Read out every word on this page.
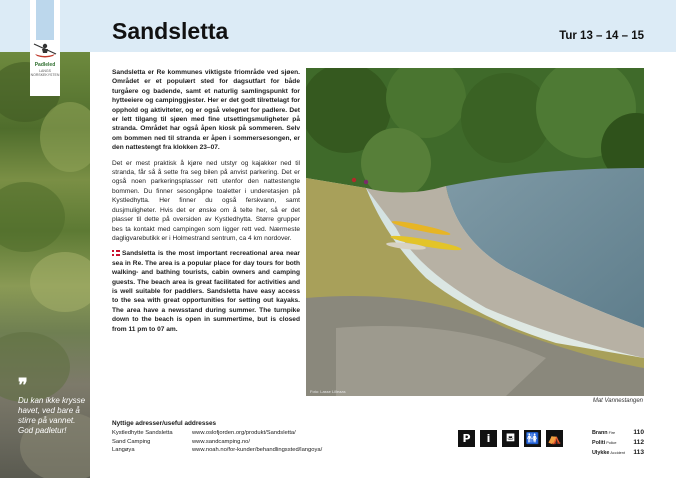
❞
Du kan ikke krysse havet, ved bare å stirre på vannet. God padletur!
Padleled
LANGS NORSKEKYSTEN
Sandsletta	Tur 13 – 14 – 15

Sandsletta er Re kommunes viktigste friområde ved sjøen. Området er et populært sted for dagsutfart for både turgåere og badende, samt et naturlig samlingspunkt for hytteeiere og campinggjester. Her er det godt tilrettelagt for opphold og aktiviteter, og er også velegnet for padlere. Det er lett tilgang til sjøen med fine utsettingsmuligheter på stranda. Området har også åpen kiosk på sommeren. Selv om bommen ned til stranda er åpen i sommersesongen, er den nattestengt fra klokken 23–07.

Det er mest praktisk å kjøre ned utstyr og kajakker ned til stranda, får så å sette fra seg bilen på anvist parkering. Det er også noen parkeringsplasser rett utenfor den nattestengte bommen. Du finner sesongåpne toaletter i underetasjen på Kystledhytta. Her finner du også ferskvann, samt dusjmuligheter. Hvis det er ønske om å telte her, så er det plasser til dette på oversiden av Kystledhytta. Større grupper bes ta kontakt med campingen som ligger rett ved. Nærmeste dagligvarebutikk er i Holmestrand sentrum, ca 4 km nordover.

Sandsletta is the most important recreational area near sea in Re. The area is a popular place for day tours for both walking- and bathing tourists, cabin owners and camping guests. The beach area is great facilitated for activities and is well suitable for paddlers. Sandsletta have easy access to the sea with great opportunities for setting out kayaks. The area have a newsstand during summer. The turnpike down to the beach is open in summertime, but is closed from 11 pm to 07 am.

Foto: Lasse Lilleaas
Mat Vannestangen
Nyttige adresser/useful addresses
Kystledhytte Sandsletta	www.oslofjorden.org/produkt/Sandsletta/
Sand Camping	www.sandcamping.no/
Langøya	www.noah.no/for-kunder/behandlingssted/langoya/
P	i	⛾ 🚻 ⛺	BrannFire	110
PolitiPolice	112
UlykkeAccident 113
